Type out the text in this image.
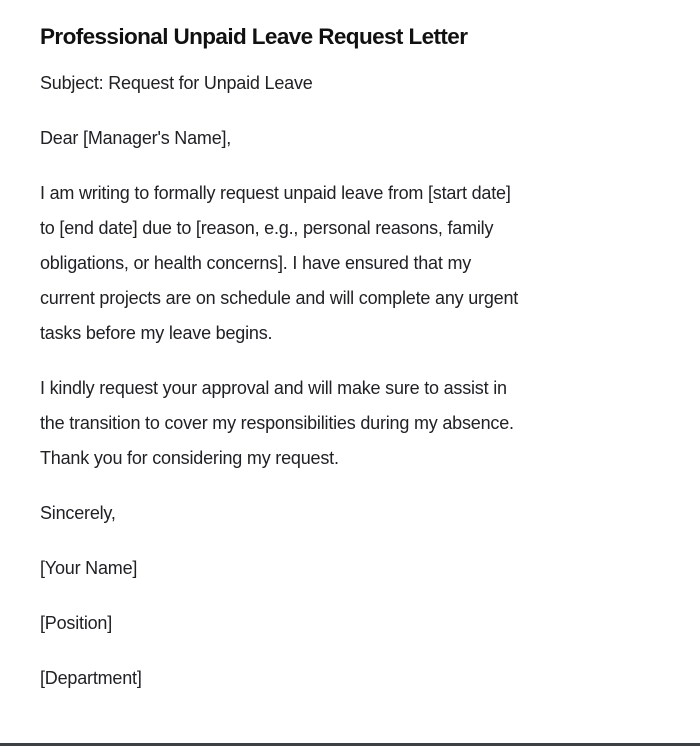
Professional Unpaid Leave Request Letter

Subject: Request for Unpaid Leave

Dear [Manager's Name],

I am writing to formally request unpaid leave from [start date]
to [end date] due to [reason, e.g., personal reasons, family
obligations, or health concerns]. I have ensured that my
current projects are on schedule and will complete any urgent
tasks before my leave begins.
I kindly request your approval and will make sure to assist in
the transition to cover my responsibilities during my absence.
Thank you for considering my request.

Sincerely,

[Your Name]

[Position]

[Department]
